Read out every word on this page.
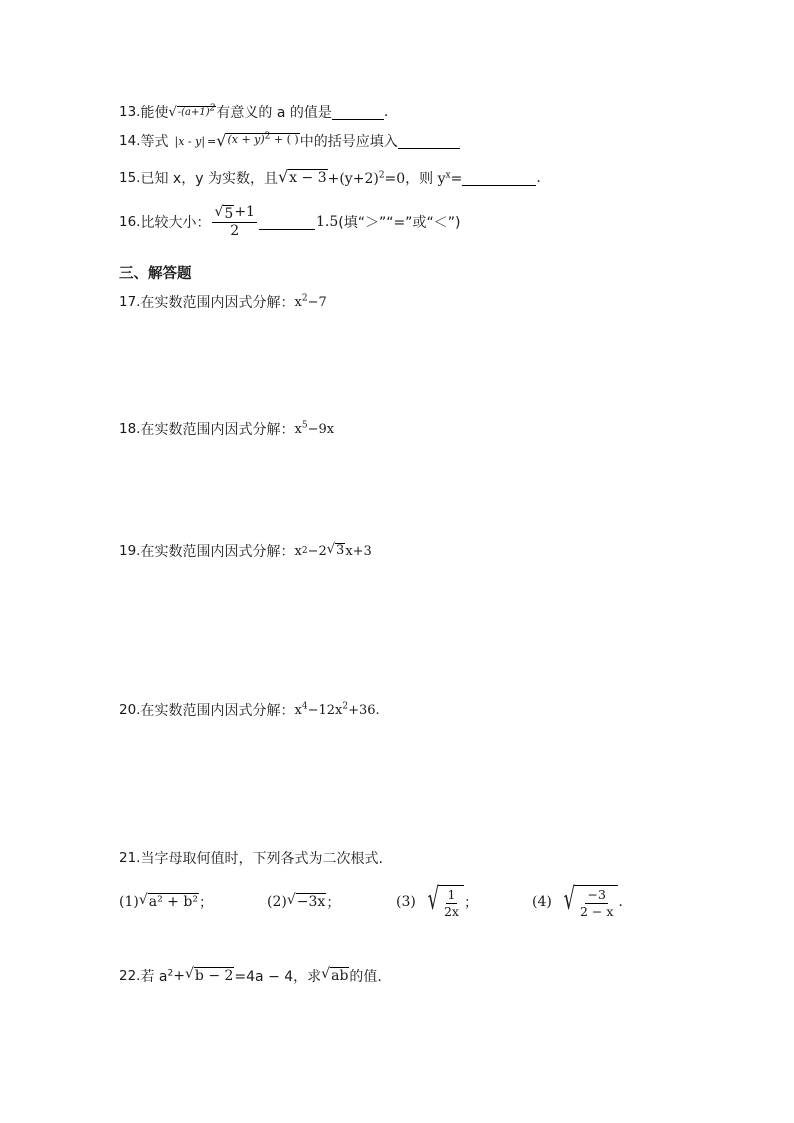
13. 能使 √ $-(a+1)^2$ 有意义的 a 的值是	.
14. 等式 |x - y| = √ $(x + y)^2$ + ( ) 中的括号应填入
15. 已知 x，y 为实数，且 √ $x - 3 +(y+2)^2=0$，则 $y^x=$	.
16. 比较大小： $\frac{√ 5 +1}{2}$	1.5 (填“＞”“=”或“＜”)
三、解答题
17. 在实数范围内因式分解： $x^2-7$
18. 在实数范围内因式分解： $x^5-9x$
19. 在实数范围内因式分解： x 2 −2 √ 3 x+3
20. 在实数范围内因式分解： $x^4-12x^2+36$.
21. 当字母取何值时，下列各式为二次根式.
(1) √ a² + b² ；	(2) √ −3x ；	(3) √ $\frac{1}{2x}$ ；	(4) √ $\frac{-3}{2 - x}$ .
22. 若 $a^2$ + √ b − 2 =4a − 4，求 √ ab 的值.
